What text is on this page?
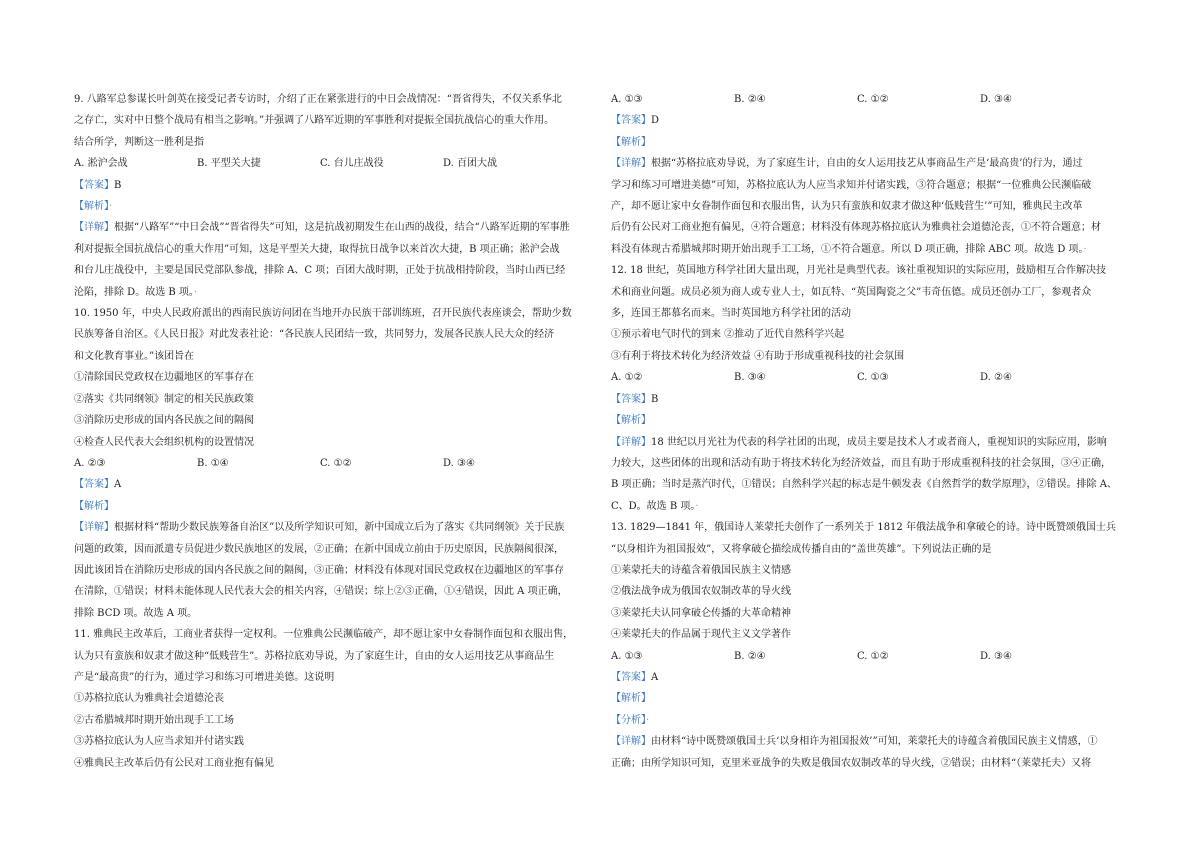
9. 八路军总参谋长叶剑英在接受记者专访时，介绍了正在紧张进行的中日会战情况：“晋省得失，不仅关系华北
之存亡，实对中日整个战局有相当之影响。”并强调了八路军近期的军事胜利对提振全国抗战信心的重大作用。
结合所学，判断这一胜利是指
A. 淞沪会战	B. 平型关大捷	C. 台儿庄战役	D. 百团大战
【 答案 】 B
【 解析 】 ·
【 详解 】 根据“八路军”“中日会战”“晋省得失”可知，这是抗战初期发生在山西的战役，结合“八路军近期的军事胜
利对提振全国抗战信心的重大作用”可知，这是平型关大捷，取得抗日战争以来首次大捷，B 项正确；淞沪会战
和台儿庄战役中，主要是国民党部队参战，排除 A、C 项；百团大战时期，正处于抗战相持阶段，当时山西已经
沦陷，排除 D。故选 B 项。·
10. 1950 年，中央人民政府派出的西南民族访问团在当地开办民族干部训练班，召开民族代表座谈会，帮助少数
民族筹备自治区。《人民日报》对此发表社论：“各民族人民团结一致，共同努力，发展各民族人民大众的经济
和文化教育事业。”该团旨在
①清除国民党政权在边疆地区的军事存在
②落实《共同纲领》制定的相关民族政策
③消除历史形成的国内各民族之间的隔阂
④检查人民代表大会组织机构的设置情况
A. ②③	B. ①④	C. ①②	D. ③④
【 答案 】 A
【 解析 】
【 详解 】 根据材料“帮助少数民族筹备自治区”以及所学知识可知，新中国成立后为了落实《共同纲领》关于民族
问题的政策，因而派遣专员促进少数民族地区的发展，②正确；在新中国成立前由于历史原因，民族隔阂很深，
因此该团旨在消除历史形成的国内各民族之间的隔阂，③正确；材料没有体现对国民党政权在边疆地区的军事存
在清除，①错误；材料未能体现人民代表大会的相关内容，④错误；综上②③正确，①④错误，因此 A 项正确，
排除 BCD 项。故选 A 项。
11. 雅典民主改革后，工商业者获得一定权利。一位雅典公民濒临破产，却不愿让家中女眷制作面包和衣服出售，
认为只有蛮族和奴隶才做这种“低贱营生”。苏格拉底劝导说，为了家庭生计，自由的女人运用技艺从事商品生
产是“最高贵”的行为，通过学习和练习可增进美德。这说明
①苏格拉底认为雅典社会道德沦丧
②古希腊城邦时期开始出现手工工场
③苏格拉底认为人应当求知并付诸实践
④雅典民主改革后仍有公民对工商业抱有偏见
A. ①③	B. ②④	C. ①②	D. ③④
【 答案 】 D
【 解析 】
【 详解 】 根据“苏格拉底劝导说，为了家庭生计，自由的女人运用技艺从事商品生产是‘最高贵’的行为，通过
学习和练习可增进美德”可知，苏格拉底认为人应当求知并付诸实践，③符合题意；根据“一位雅典公民濒临破
产，却不愿让家中女眷制作面包和衣服出售，认为只有蛮族和奴隶才做这种‘低贱营生’”可知，雅典民主改革
后仍有公民对工商业抱有偏见，④符合题意；材料没有体现苏格拉底认为雅典社会道德沦丧，①不符合题意；材
料没有体现古希腊城邦时期开始出现手工工场，①不符合题意。所以 D 项正确，排除 ABC 项。故选 D 项。·
12. 18 世纪，英国地方科学社团大量出现，月光社是典型代表。该社重视知识的实际应用，鼓励相互合作解决技
术和商业问题。成员必须为商人或专业人士，如瓦特、“英国陶瓷之父”韦奇伍德。成员还创办工厂，参观者众
多，连国王都慕名而来。当时英国地方科学社团的活动
①预示着电气时代的到来 ②推动了近代自然科学兴起
③有利于将技术转化为经济效益 ④有助于形成重视科技的社会氛围
A. ①②	B. ③④	C. ①③	D. ②④
【 答案 】 B
【 解析 】
【 详解 】 18 世纪以月光社为代表的科学社团的出现，成员主要是技术人才或者商人，重视知识的实际应用，影响
力较大，这些团体的出现和活动有助于将技术转化为经济效益，而且有助于形成重视科技的社会氛围，③④正确，
B 项正确；当时是蒸汽时代，①错误；自然科学兴起的标志是牛顿发表《自然哲学的数学原理》，②错误。排除 A、
C、D。故选 B 项。·
13. 1829—1841 年，俄国诗人莱蒙托夫创作了一系列关于 1812 年俄法战争和拿破仑的诗。诗中既赞颂俄国士兵
“以身相许为祖国报效”，又将拿破仑描绘成传播自由的“盖世英雄”。下列说法正确的是
①莱蒙托夫的诗蕴含着俄国民族主义情感
②俄法战争成为俄国农奴制改革的导火线
③莱蒙托夫认同拿破仑传播的大革命精神
④莱蒙托夫的作品属于现代主义文学著作
A. ①③	B. ②④	C. ①②	D. ③④
【 答案 】 A
【 解析 】
【 分析 】 ·
【 详解 】 由材料“诗中既赞颂俄国士兵‘以身相许为祖国报效’”可知，莱蒙托夫的诗蕴含着俄国民族主义情感，①
正确；由所学知识可知，克里米亚战争的失败是俄国农奴制改革的导火线，②错误；由材料“（莱蒙托夫）又将
